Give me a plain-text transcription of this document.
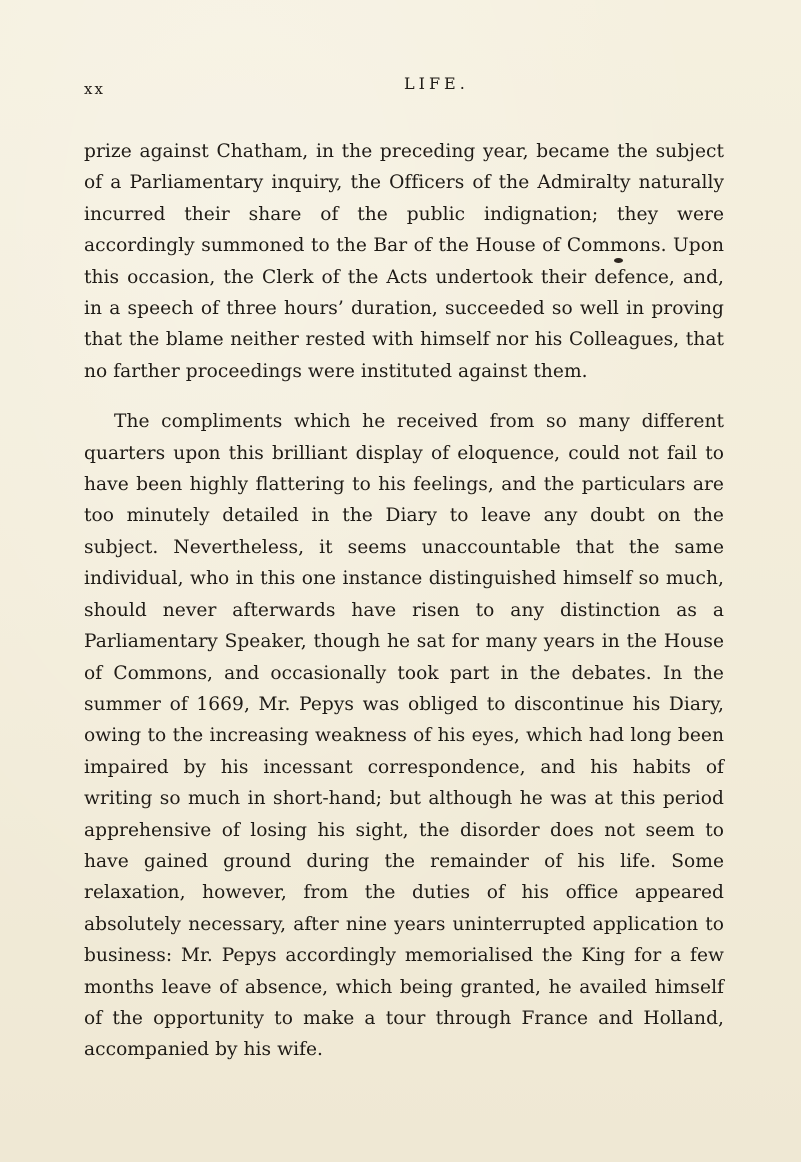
xx	LIFE.

prize against Chatham, in the preceding year, became the subject of a Parliamentary inquiry, the Officers of the Admiralty naturally incurred their share of the public indignation; they were accordingly summoned to the Bar of the House of Commons. Upon this occasion, the Clerk of the Acts undertook their defence, and, in a speech of three hours’ duration, succeeded so well in proving that the blame neither rested with himself nor his Colleagues, that no farther proceedings were instituted against them.

The compliments which he received from so many different quarters upon this brilliant display of eloquence, could not fail to have been highly flattering to his feelings, and the particulars are too minutely detailed in the Diary to leave any doubt on the subject. Nevertheless, it seems unaccountable that the same individual, who in this one instance distinguished himself so much, should never afterwards have risen to any distinction as a Parliamentary Speaker, though he sat for many years in the House of Commons, and occasionally took part in the debates. In the summer of 1669, Mr. Pepys was obliged to discontinue his Diary, owing to the increasing weakness of his eyes, which had long been impaired by his incessant correspondence, and his habits of writing so much in short-hand; but although he was at this period apprehensive of losing his sight, the disorder does not seem to have gained ground during the remainder of his life. Some relaxation, however, from the duties of his office appeared absolutely necessary, after nine years uninterrupted application to business: Mr. Pepys accordingly memorialised the King for a few months leave of absence, which being granted, he availed himself of the opportunity to make a tour through France and Holland, accompanied by his wife.
